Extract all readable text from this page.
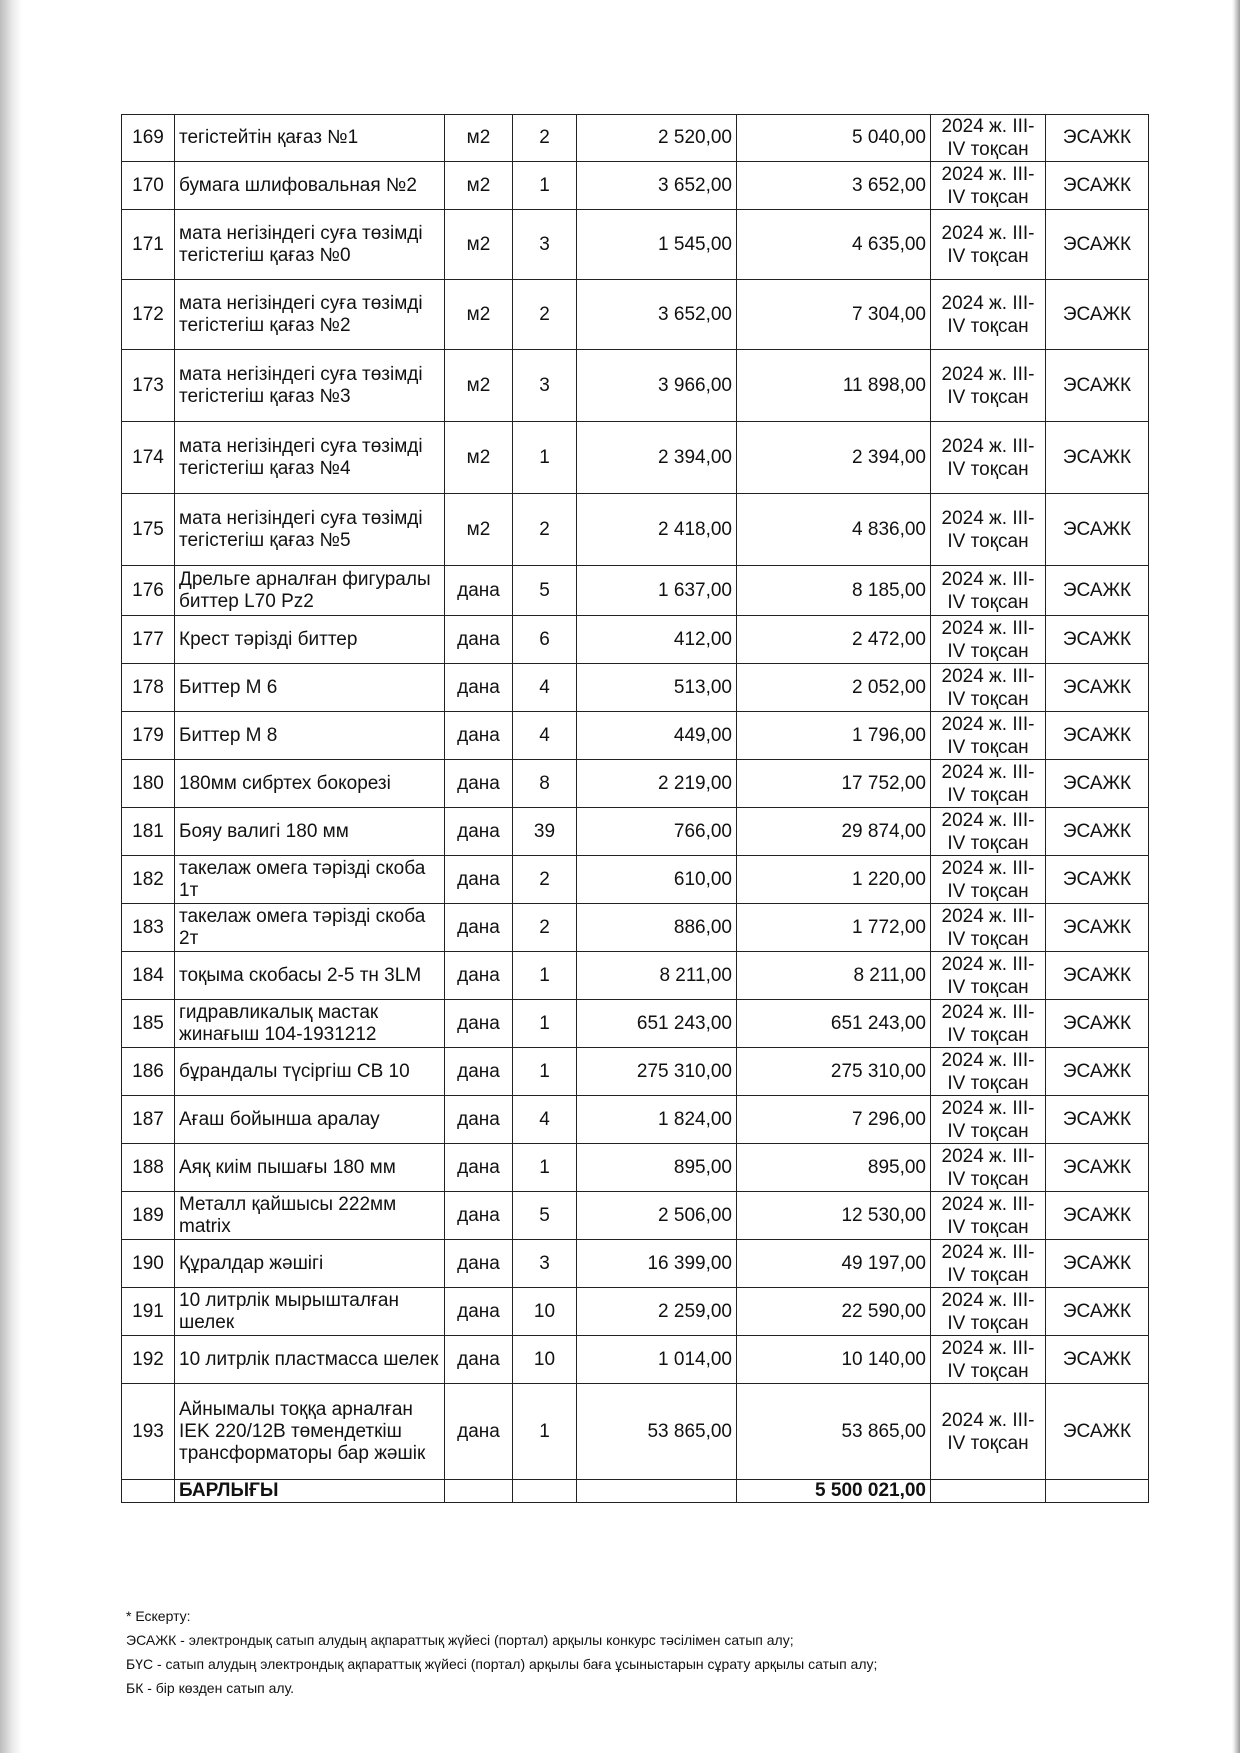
169	тегістейтін қағаз №1	м2	2	2 520,00	5 040,00	2024 ж. III-IV тоқсан	ЭСАЖК
170	бумага шлифовальная №2	м2	1	3 652,00	3 652,00	2024 ж. III-IV тоқсан	ЭСАЖК
171	мата негізіндегі суға төзімді тегістегіш қағаз №0	м2	3	1 545,00	4 635,00	2024 ж. III-IV тоқсан	ЭСАЖК
172	мата негізіндегі суға төзімді тегістегіш қағаз №2	м2	2	3 652,00	7 304,00	2024 ж. III-IV тоқсан	ЭСАЖК
173	мата негізіндегі суға төзімді тегістегіш қағаз №3	м2	3	3 966,00	11 898,00	2024 ж. III-IV тоқсан	ЭСАЖК
174	мата негізіндегі суға төзімді тегістегіш қағаз №4	м2	1	2 394,00	2 394,00	2024 ж. III-IV тоқсан	ЭСАЖК
175	мата негізіндегі суға төзімді тегістегіш қағаз №5	м2	2	2 418,00	4 836,00	2024 ж. III-IV тоқсан	ЭСАЖК
176	Дрельге арналған фигуралы биттер L70 Pz2	дана	5	1 637,00	8 185,00	2024 ж. III-IV тоқсан	ЭСАЖК
177	Крест тәрізді биттер	дана	6	412,00	2 472,00	2024 ж. III-IV тоқсан	ЭСАЖК
178	Биттер М 6	дана	4	513,00	2 052,00	2024 ж. III-IV тоқсан	ЭСАЖК
179	Биттер М 8	дана	4	449,00	1 796,00	2024 ж. III-IV тоқсан	ЭСАЖК
180	180мм сибртех бокорезі	дана	8	2 219,00	17 752,00	2024 ж. III-IV тоқсан	ЭСАЖК
181	Бояу валигі 180 мм	дана	39	766,00	29 874,00	2024 ж. III-IV тоқсан	ЭСАЖК
182	такелаж омега тәрізді скоба 1т	дана	2	610,00	1 220,00	2024 ж. III-IV тоқсан	ЭСАЖК
183	такелаж омега тәрізді скоба 2т	дана	2	886,00	1 772,00	2024 ж. III-IV тоқсан	ЭСАЖК
184	тоқыма скобасы 2-5 тн 3LM	дана	1	8 211,00	8 211,00	2024 ж. III-IV тоқсан	ЭСАЖК
185	гидравликалық мастак жинағыш 104-1931212	дана	1	651 243,00	651 243,00	2024 ж. III-IV тоқсан	ЭСАЖК
186	бұрандалы түсіргіш СВ 10	дана	1	275 310,00	275 310,00	2024 ж. III-IV тоқсан	ЭСАЖК
187	Ағаш бойынша аралау	дана	4	1 824,00	7 296,00	2024 ж. III-IV тоқсан	ЭСАЖК
188	Аяқ киім пышағы 180 мм	дана	1	895,00	895,00	2024 ж. III-IV тоқсан	ЭСАЖК
189	Металл қайшысы 222мм matrix	дана	5	2 506,00	12 530,00	2024 ж. III-IV тоқсан	ЭСАЖК
190	Құралдар жәшігі	дана	3	16 399,00	49 197,00	2024 ж. III-IV тоқсан	ЭСАЖК
191	10 литрлік мырышталған шелек	дана	10	2 259,00	22 590,00	2024 ж. III-IV тоқсан	ЭСАЖК
192	10 литрлік пластмасса шелек	дана	10	1 014,00	10 140,00	2024 ж. III-IV тоқсан	ЭСАЖК
193	Айнымалы тоққа арналған IEK 220/12В төмендеткіш трансформаторы бар жәшік	дана	1	53 865,00	53 865,00	2024 ж. III-IV тоқсан	ЭСАЖК
	БАРЛЫҒЫ				5 500 021,00		
* Ескерту:
ЭСАЖК - электрондық сатып алудың ақпараттық жүйесі (портал) арқылы конкурс тәсілімен сатып алу;
БҮС - сатып алудың электрондық ақпараттық жүйесі (портал) арқылы баға ұсыныстарын сұрату арқылы сатып алу;
БК - бір көзден сатып алу.
